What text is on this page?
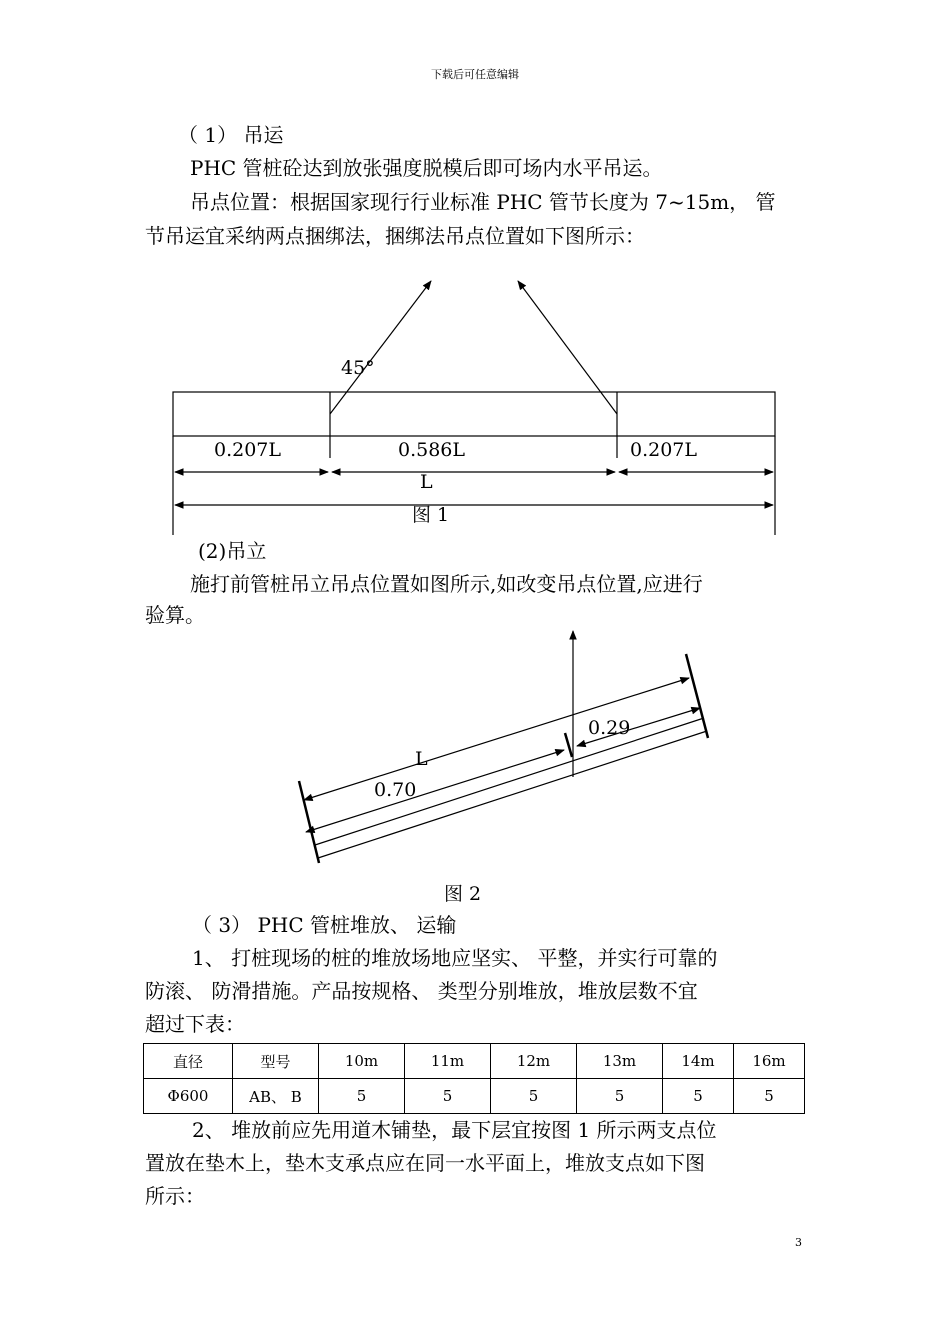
下载后可任意编辑
（ 1） 吊运
PHC 管桩砼达到放张强度脱模后即可场内水平吊运。
吊点位置：根据国家现行行业标准 PHC 管节长度为 7~15m， 管
节吊运宜采纳两点捆绑法，捆绑法吊点位置如下图所示：
45°
0.207L	0.586L	0.207L
L
图 1
(2)吊立
施打前管桩吊立吊点位置如图所示,如改变吊点位置,应进行
验算。
0.29
L
0.70
图 2
（ 3） PHC 管桩堆放、 运输
1、 打桩现场的桩的堆放场地应坚实、 平整，并实行可靠的
防滚、 防滑措施。产品按规格、 类型分别堆放，堆放层数不宜
超过下表：
直径	型号	10m	11m	12m	13m	14m	16m
Φ600	AB、 B	5	5	5	5	5	5
2、 堆放前应先用道木铺垫，最下层宜按图 1 所示两支点位
置放在垫木上，垫木支承点应在同一水平面上，堆放支点如下图
所示：
3
